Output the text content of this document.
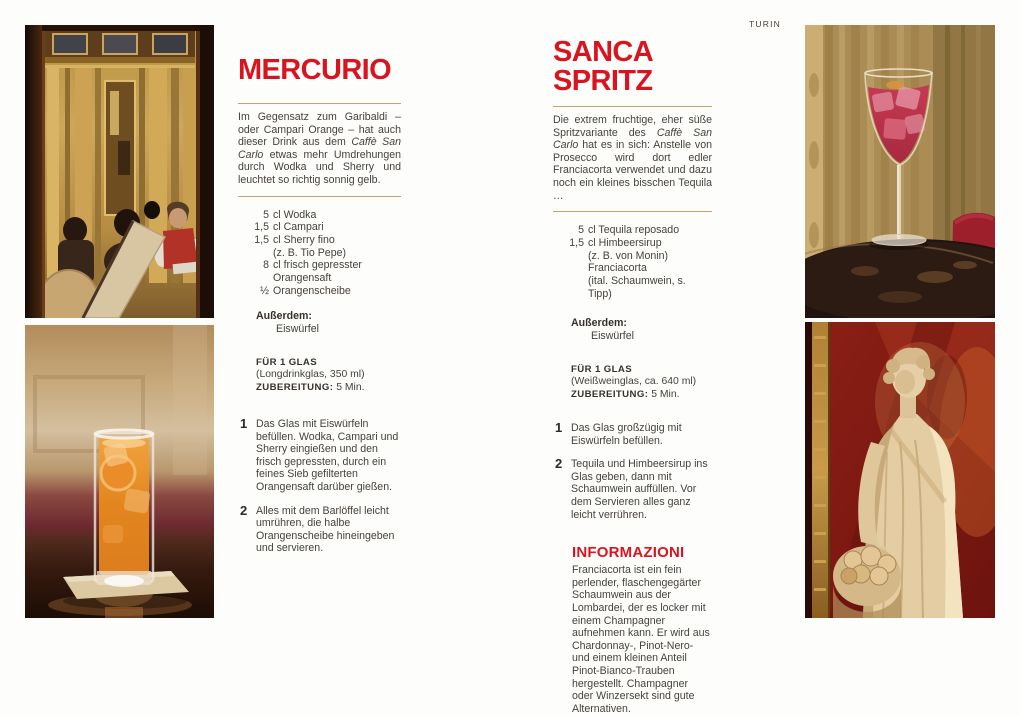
TURIN
MERCURIO

Im Gegensatz zum Garibaldi – oder Campari Orange – hat auch dieser Drink aus dem Caffè San Carlo etwas mehr Umdrehungen durch Wodka und Sherry und leuchtet so richtig sonnig gelb.

5 cl Wodka
1,5 cl Campari
1,5 cl Sherry fino
(z. B. Tio Pepe)
8 cl frisch gepresster
Orangensaft
½ Orangenscheibe

Außerdem:

Eiswürfel

FÜR 1 GLAS
(Longdrinkglas, 350 ml)
ZUBEREITUNG: 5 Min.
1 Das Glas mit Eiswürfeln befüllen. Wodka, Campari und Sherry eingießen und den frisch gepressten, durch ein feines Sieb gefilterten Orangensaft darüber gießen.
2 Alles mit dem Barlöffel leicht umrühren, die halbe Orangenscheibe hineingeben und servieren.
SANCA
SPRITZ

Die extrem fruchtige, eher süße Spritzvariante des Caffè San Carlo hat es in sich: Anstelle von Prosecco wird dort edler Franciacorta verwendet und dazu noch ein kleines bisschen Tequila …

5 cl Tequila reposado
1,5 cl Himbeersirup
(z. B. von Monin)
Franciacorta
(ital. Schaumwein, s. Tipp)

Außerdem:

Eiswürfel

FÜR 1 GLAS
(Weißweinglas, ca. 640 ml)
ZUBEREITUNG: 5 Min.
1 Das Glas großzügig mit Eiswürfeln befüllen.
2 Tequila und Himbeersirup ins Glas geben, dann mit Schaumwein auffüllen. Vor dem Servieren alles ganz leicht verrühren.

INFORMAZIONI

Franciacorta ist ein fein perlender, flaschengegärter Schaumwein aus der Lombardei, der es locker mit einem Champagner aufnehmen kann. Er wird aus Chardonnay-, Pinot-Nero- und einem kleinen Anteil Pinot-Bianco-Trauben hergestellt. Champagner oder Winzersekt sind gute Alternativen.
